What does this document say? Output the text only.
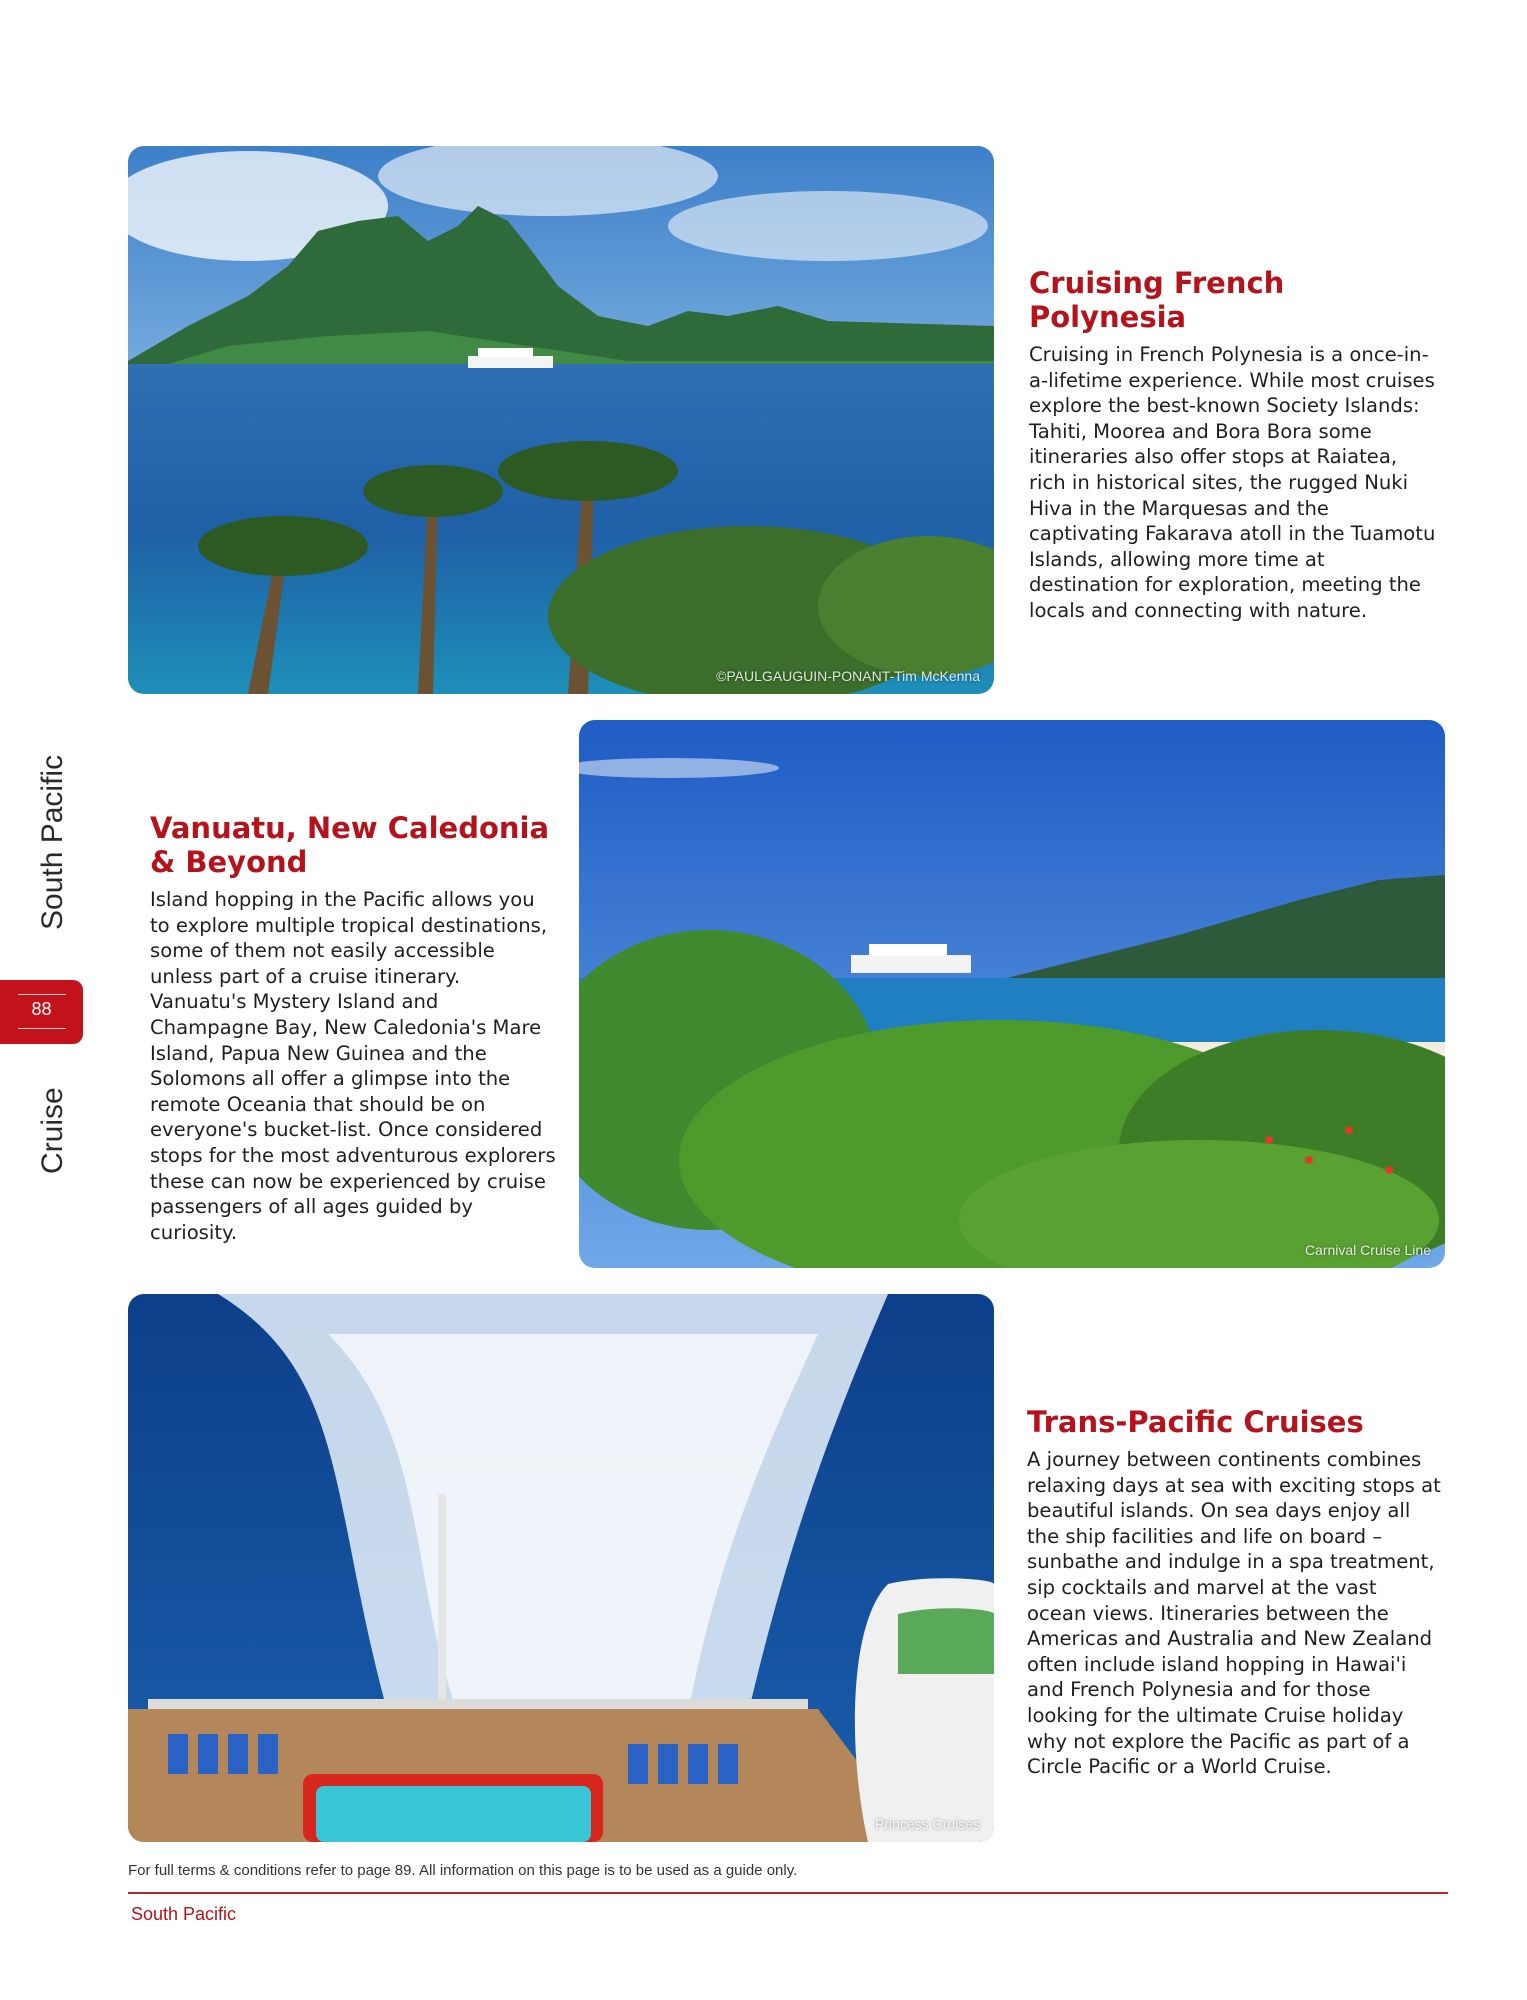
South Pacific
88
Cruise
©PAULGAUGUIN-PONANT-Tim McKenna
Cruising French Polynesia

Cruising in French Polynesia is a once-in-a-lifetime experience. While most cruises explore the best-known Society Islands: Tahiti, Moorea and Bora Bora some itineraries also offer stops at Raiatea, rich in historical sites, the rugged Nuki Hiva in the Marquesas and the captivating Fakarava atoll in the Tuamotu Islands, allowing more time at destination for exploration, meeting the locals and connecting with nature.

Carnival Cruise Line
Vanuatu, New Caledonia & Beyond

Island hopping in the Pacific allows you to explore multiple tropical destinations, some of them not easily accessible unless part of a cruise itinerary. Vanuatu's Mystery Island and Champagne Bay, New Caledonia's Mare Island, Papua New Guinea and the Solomons all offer a glimpse into the remote Oceania that should be on everyone's bucket-list. Once considered stops for the most adventurous explorers these can now be experienced by cruise passengers of all ages guided by curiosity.

Princess Cruises
Trans-Pacific Cruises

A journey between continents combines relaxing days at sea with exciting stops at beautiful islands. On sea days enjoy all the ship facilities and life on board – sunbathe and indulge in a spa treatment, sip cocktails and marvel at the vast ocean views. Itineraries between the Americas and Australia and New Zealand often include island hopping in Hawai'i and French Polynesia and for those looking for the ultimate Cruise holiday why not explore the Pacific as part of a Circle Pacific or a World Cruise.

For full terms & conditions refer to page 89. All information on this page is to be used as a guide only.
South Pacific
